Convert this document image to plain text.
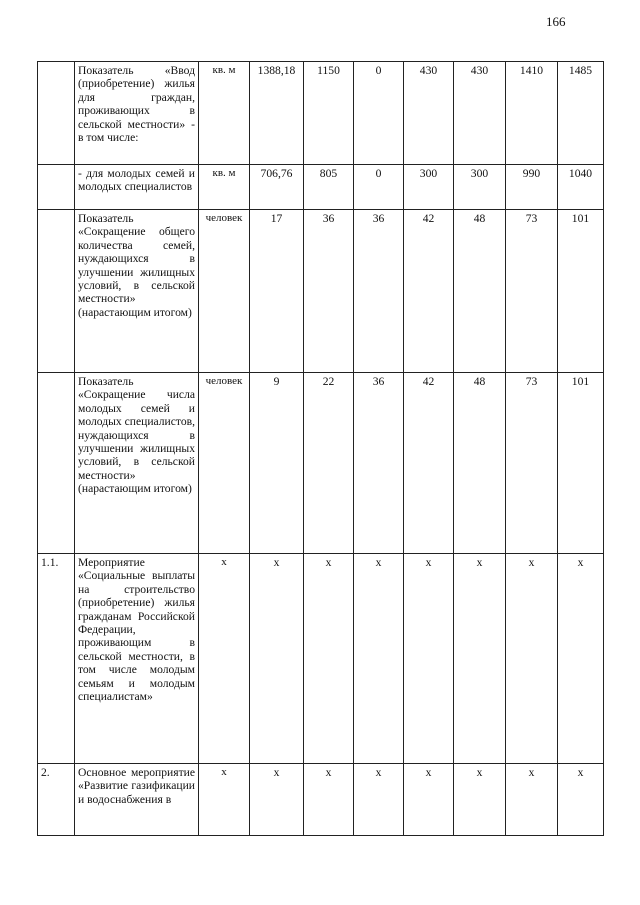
166
	Показатель «Ввод (приобретение) жилья для граждан, проживающих в сельской местности» - в том числе:	кв. м	1388,18	1150	0	430	430	1410	1485
	- для молодых семей и молодых специалистов	кв. м	706,76	805	0	300	300	990	1040
	Показатель «Сокращение общего количества семей, нуждающихся в улучшении жилищных условий, в сельской местности» (нарастающим итогом)	человек	17	36	36	42	48	73	101
	Показатель «Сокращение числа молодых семей и молодых специалистов, нуждающихся в улучшении жилищных условий, в сельской местности» (нарастающим итогом)	человек	9	22	36	42	48	73	101
1.1.	Мероприятие «Социальные выплаты на строительство (приобретение) жилья гражданам Российской Федерации, проживающим в сельской местности, в том числе молодым семьям и молодым специалистам»	х	х	х	х	х	х	х	х
2.	Основное мероприятие «Развитие газификации и водоснабжения в	х	х	х	х	х	х	х	х
